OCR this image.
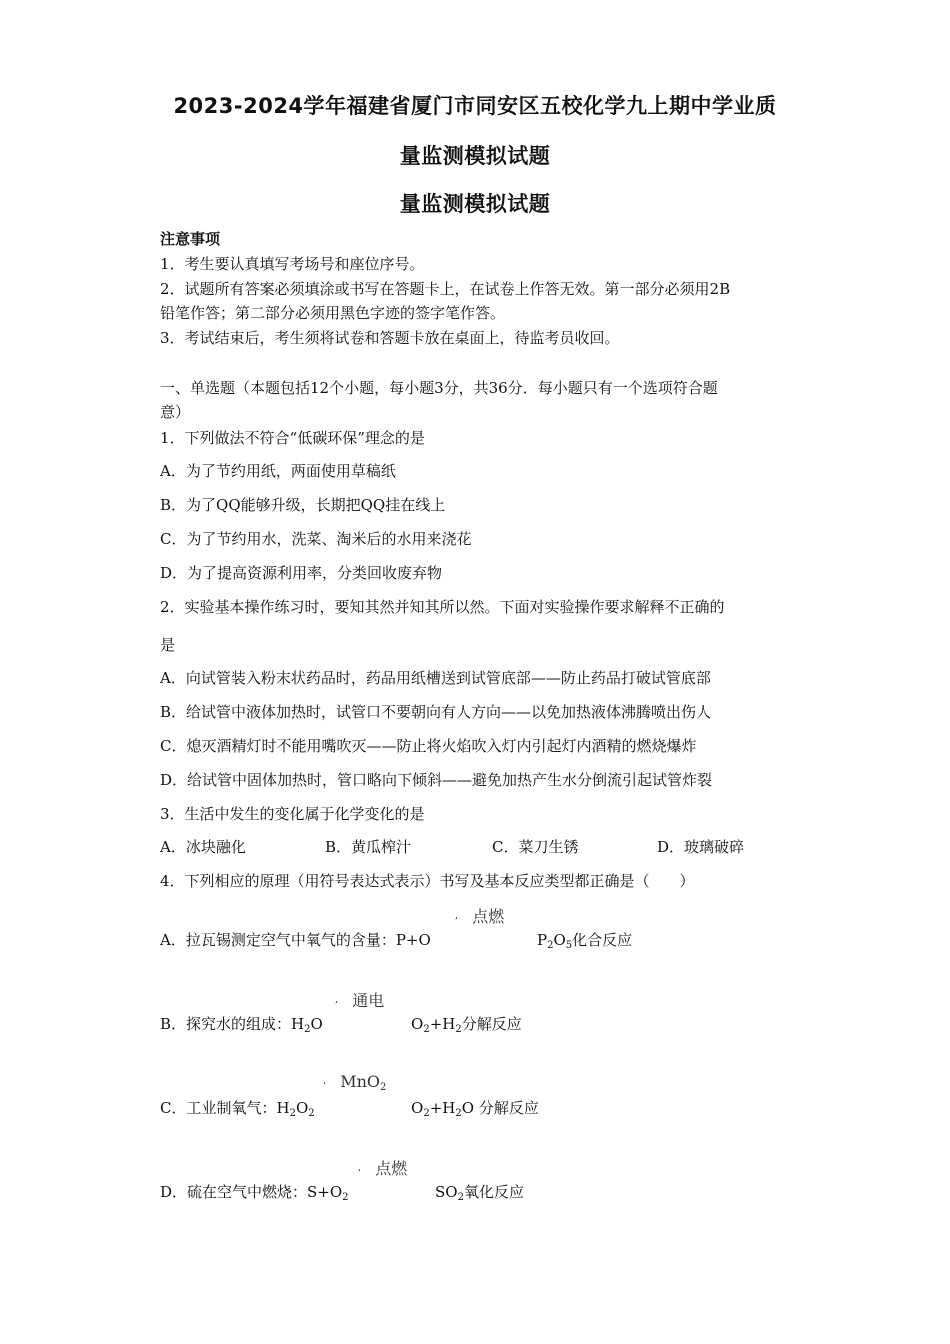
2023-2024学年福建省厦门市同安区五校化学九上期中学业质
量监测模拟试题
量监测模拟试题
注意事项
1．考生要认真填写考场号和座位序号。
2．试题所有答案必须填涂或书写在答题卡上，在试卷上作答无效。第一部分必须用2B
铅笔作答；第二部分必须用黑色字迹的签字笔作答。
3．考试结束后，考生须将试卷和答题卡放在桌面上，待监考员收回。
一、单选题（本题包括12个小题，每小题3分，共36分．每小题只有一个选项符合题
意）
1．下列做法不符合“低碳环保”理念的是
A．为了节约用纸，两面使用草稿纸
B．为了QQ能够升级，长期把QQ挂在线上
C．为了节约用水，洗菜、淘米后的水用来浇花
D．为了提高资源利用率，分类回收废弃物
2．实验基本操作练习时，要知其然并知其所以然。下面对实验操作要求解释不正确的
是
A．向试管装入粉末状药品时，药品用纸槽送到试管底部——防止药品打破试管底部
B．给试管中液体加热时，试管口不要朝向有人方向——以免加热液体沸腾喷出伤人
C．熄灭酒精灯时不能用嘴吹灭——防止将火焰吹入灯内引起灯内酒精的燃烧爆炸
D．给试管中固体加热时，管口略向下倾斜——避免加热产生水分倒流引起试管炸裂
3．生活中发生的变化属于化学变化的是
A．冰块融化	B．黄瓜榨汁	C．菜刀生锈	D．玻璃破碎
4．下列相应的原理（用符号表达式表示）书写及基本反应类型都正确是（　　）
, 点燃
A．拉瓦锡测定空气中氧气的含量：P+O	$P_2O_5$化合反应
, 通电
B．探究水的组成：$H_2O$	$O_2+H_2$分解反应
, MnO$_2$
C．工业制氧气：$H_2O_2$	$O_2+H_2O$ 分解反应
, 点燃
D．硫在空气中燃烧：$S+O_2$	$SO_2$氧化反应
